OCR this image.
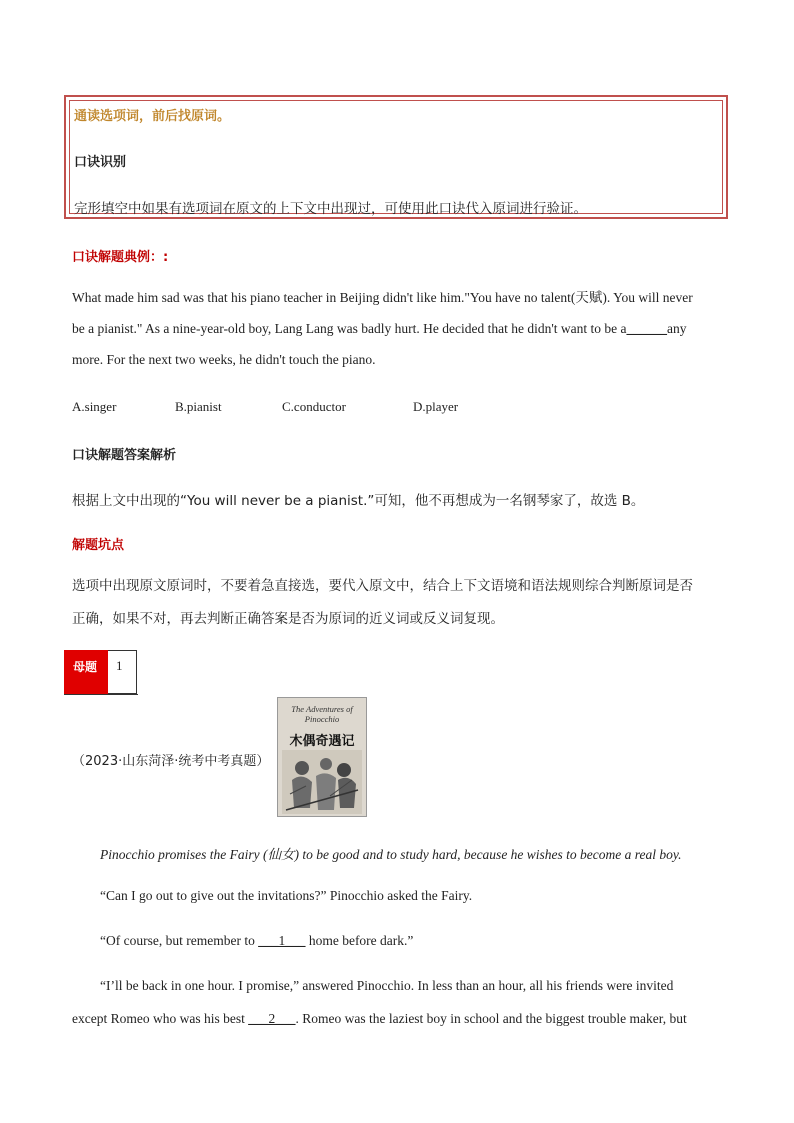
通读选项词，前后找原词。
口诀识别
完形填空中如果有选项词在原文的上下文中出现过，可使用此口诀代入原词进行验证。
口诀解题典例：:
What made him sad was that his piano teacher in Beijing didn't like him."You have no talent(天赋). You will never
be a pianist." As a nine-year-old boy, Lang Lang was badly hurt. He decided that he didn't want to be a______any
more. For the next two weeks, he didn't touch the piano.
A.singer	B.pianist	C.conductor	D.player
口诀解题答案解析
根据上文中出现的“You will never be a pianist.”可知，他不再想成为一名钢琴家了，故选 B。
解题坑点
选项中出现原文原词时，不要着急直接选，要代入原文中，结合上下文语境和语法规则综合判断原词是否
正确，如果不对，再去判断正确答案是否为原词的近义词或反义词复现。
母题 1
（2023·山东菏泽·统考中考真题）
The Adventures of Pinocchio
木偶奇遇记
Pinocchio promises the Fairy (仙女) to be good and to study hard, because he wishes to become a real boy.
“Can I go out to give out the invitations?” Pinocchio asked the Fairy.
“Of course, but remember to ___1___ home before dark.”
“I’ll be back in one hour. I promise,” answered Pinocchio. In less than an hour, all his friends were invited
except Romeo who was his best ___2___. Romeo was the laziest boy in school and the biggest trouble maker, but
